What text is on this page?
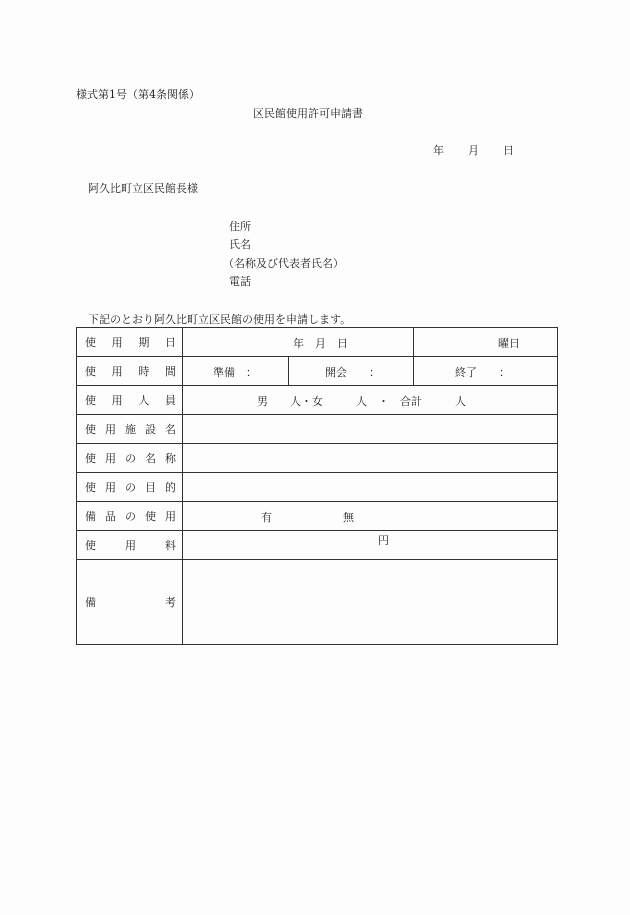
様式第1号（第4条関係）
区民館使用許可申請書
年 月 日
阿久比町立区民館長様
住所
氏名
（名称及び代表者氏名）
電話
下記のとおり阿久比町立区民館の使用を申請します。
使 用 期 日	年　月　日		曜日

使 用 時 間	準備　：	開会　　：	終了　　：

使 用 人 員	男　　人・女　　　人　・　合計　　　人		

使 用 施 設 名			

使 用 の 名 称			

使 用 の 目 的			

備 品 の 使 用	有 無		

使 用 料	円		

備 考			
